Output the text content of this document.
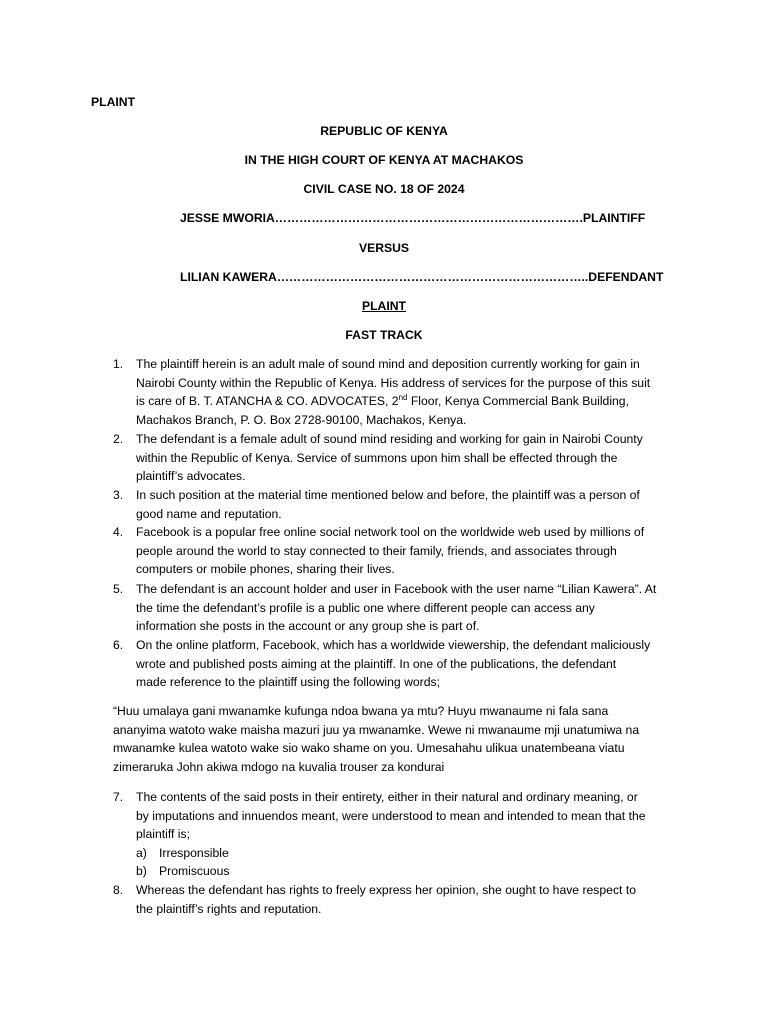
PLAINT
REPUBLIC OF KENYA
IN THE HIGH COURT OF KENYA AT MACHAKOS
CIVIL CASE NO. 18 OF 2024
JESSE MWORIA………………………………………………………………….PLAINTIFF
VERSUS
LILIAN KAWERA…………………………………………………………………..DEFENDANT
PLAINT
FAST TRACK
1. The plaintiff herein is an adult male of sound mind and deposition currently working for gain in
Nairobi County within the Republic of Kenya. His address of services for the purpose of this suit
is care of B. T. ATANCHA & CO. ADVOCATES, 2nd Floor, Kenya Commercial Bank Building,
Machakos Branch, P. O. Box 2728-90100, Machakos, Kenya.
2. The defendant is a female adult of sound mind residing and working for gain in Nairobi County
within the Republic of Kenya. Service of summons upon him shall be effected through the
plaintiff’s advocates.
3. In such position at the material time mentioned below and before, the plaintiff was a person of
good name and reputation.
4. Facebook is a popular free online social network tool on the worldwide web used by millions of
people around the world to stay connected to their family, friends, and associates through
computers or mobile phones, sharing their lives.
5. The defendant is an account holder and user in Facebook with the user name “Lilian Kawera”. At
the time the defendant’s profile is a public one where different people can access any
information she posts in the account or any group she is part of.
6. On the online platform, Facebook, which has a worldwide viewership, the defendant maliciously
wrote and published posts aiming at the plaintiff. In one of the publications, the defendant
made reference to the plaintiff using the following words;
“Huu umalaya gani mwanamke kufunga ndoa bwana ya mtu? Huyu mwanaume ni fala sana
ananyima watoto wake maisha mazuri juu ya mwanamke. Wewe ni mwanaume mji unatumiwa na
mwanamke kulea watoto wake sio wako shame on you. Umesahahu ulikua unatembeana viatu
zimeraruka John akiwa mdogo na kuvalia trouser za kondurai
7. The contents of the said posts in their entirety, either in their natural and ordinary meaning, or
by imputations and innuendos meant, were understood to mean and intended to mean that the
plaintiff is;
a) Irresponsible
b) Promiscuous
8. Whereas the defendant has rights to freely express her opinion, she ought to have respect to
the plaintiff’s rights and reputation.
